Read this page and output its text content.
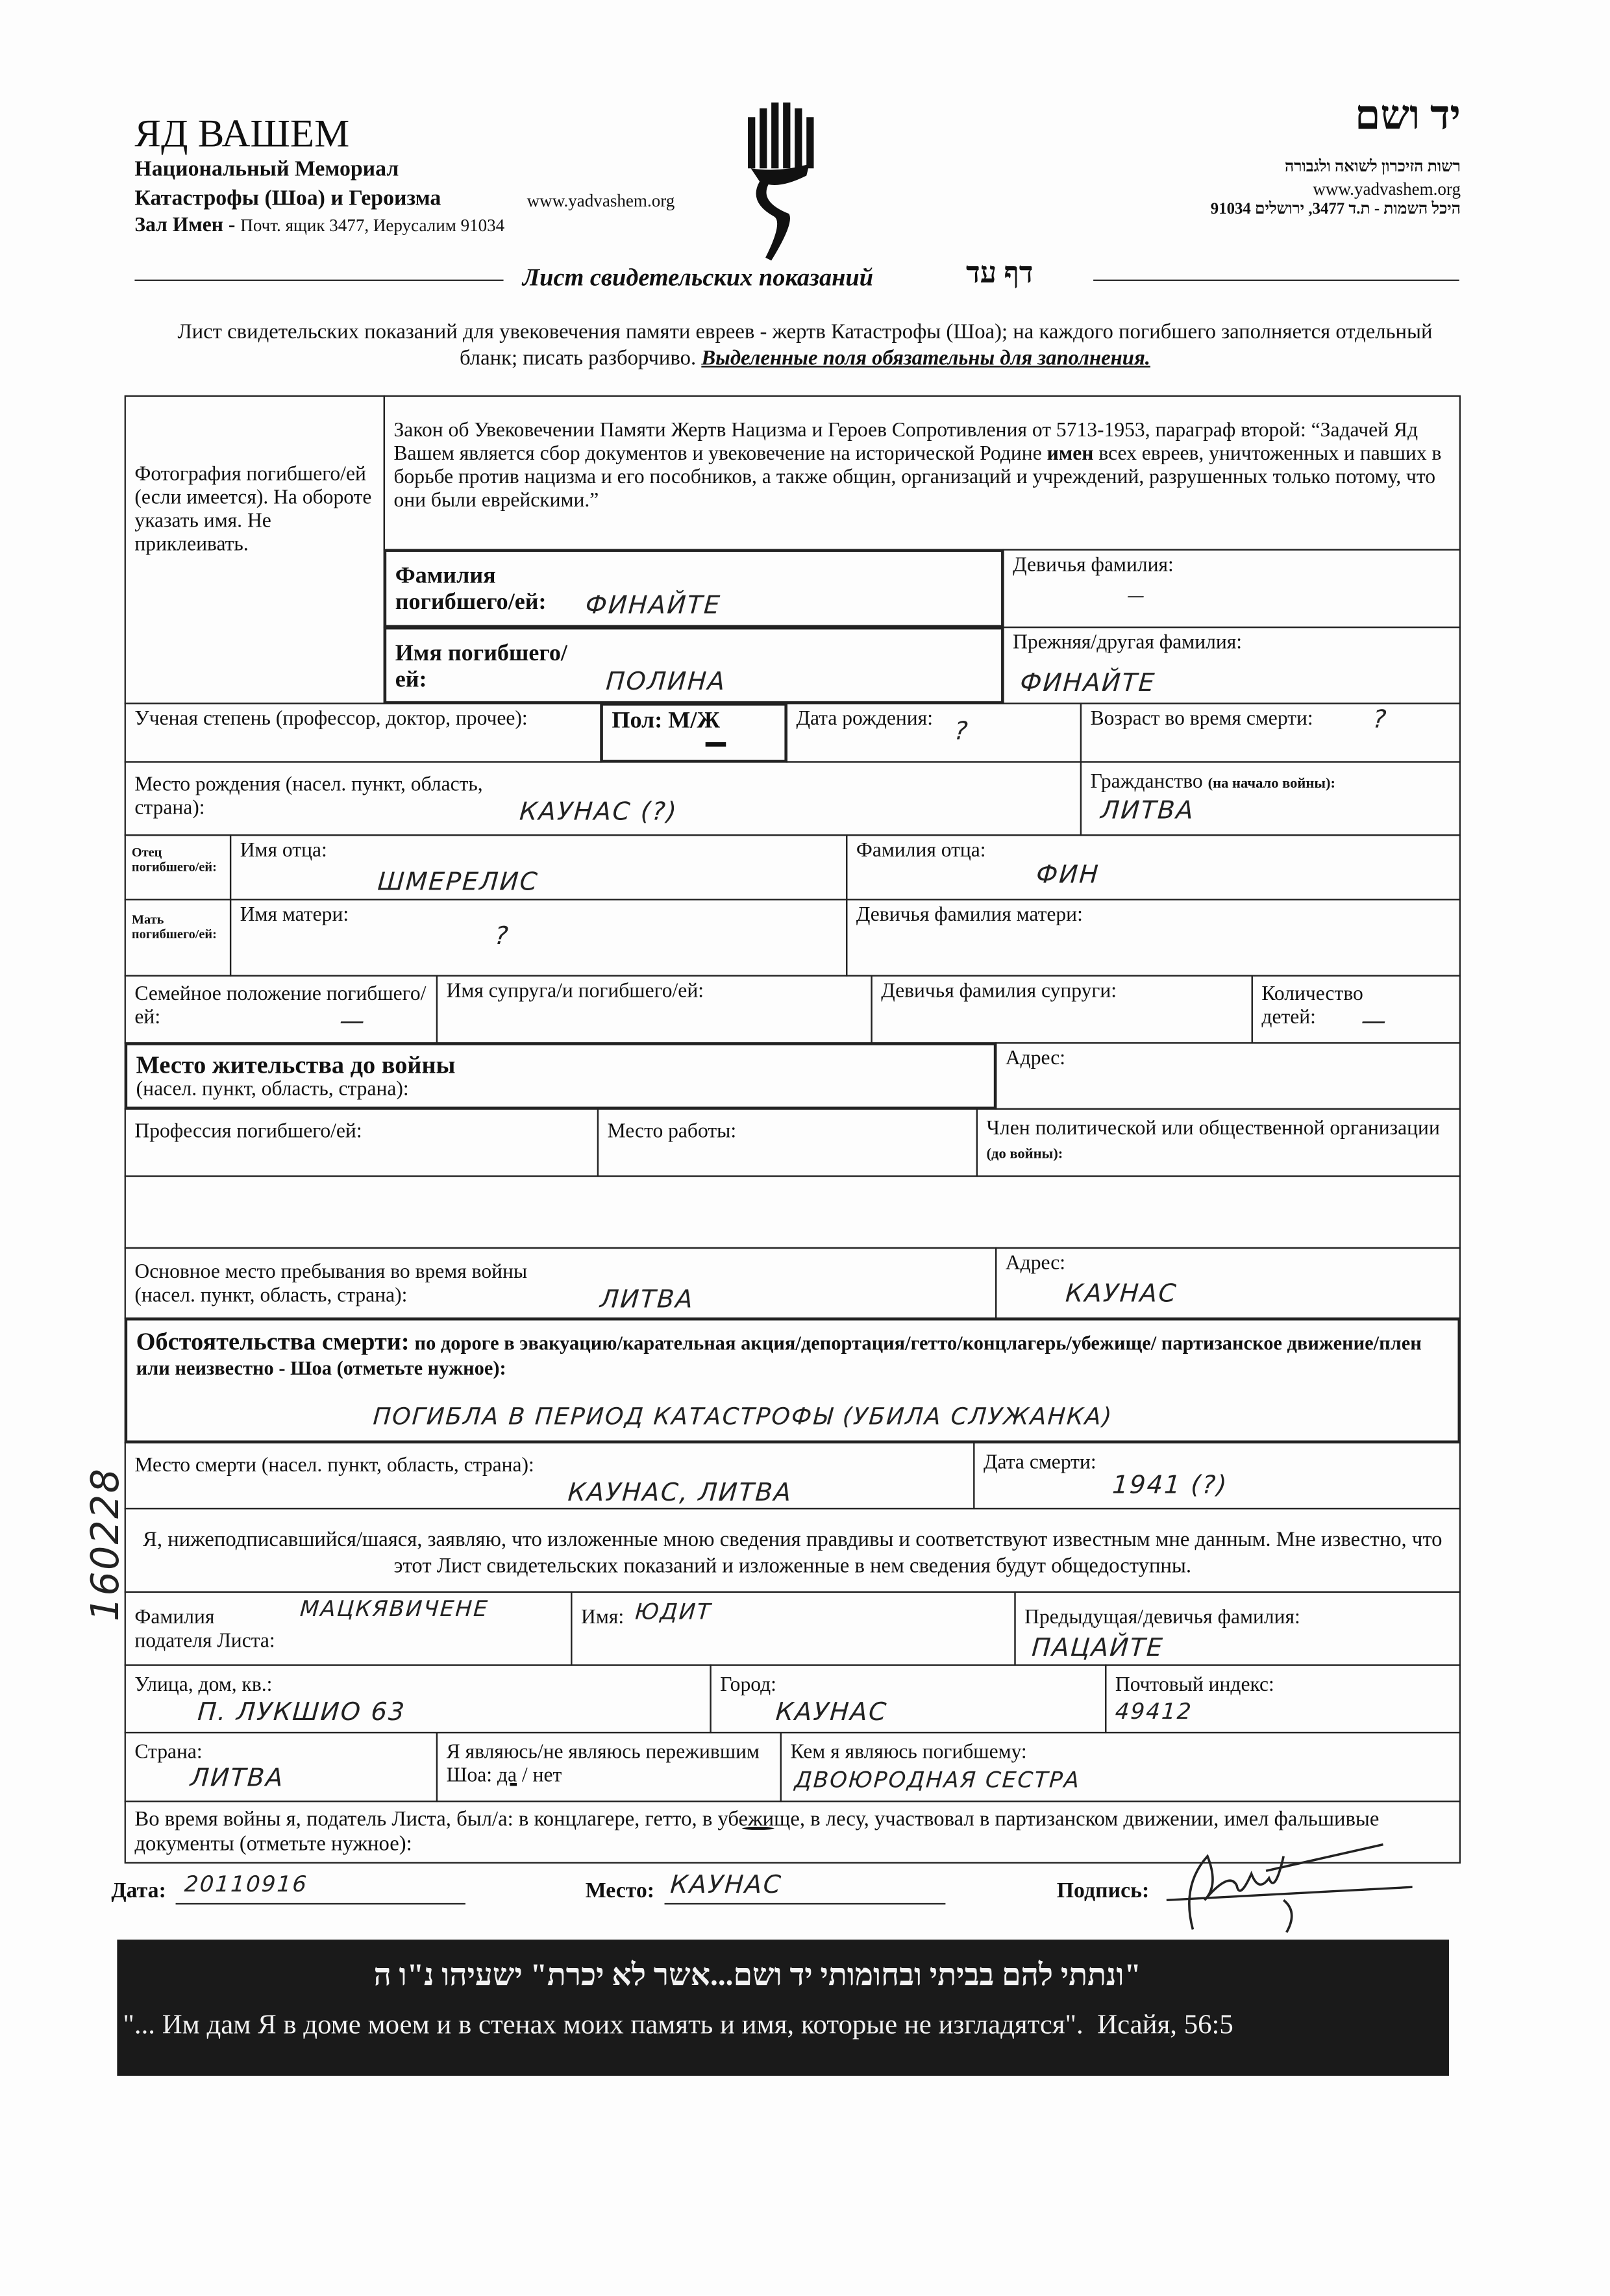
ЯД ВАШЕМ
Национальный Мемориал
Катастрофы (Шоа) и Героизма	www.yadvashem.org
Зал Имен - Почт. ящик 3477, Иерусалим 91034
יד ושם
רשות הזיכרון לשואה ולגבורה
www.yadvashem.org
היכל השמות - ת.ד 3477, ירושלים 91034
Лист свидетельских показаний	דף עד
Лист свидетельских показаний для увековечения памяти евреев - жертв Катастрофы (Шоа); на каждого погибшего заполняется отдельный бланк; писать разборчиво. Выделенные поля обязательны для заполнения.
Фотография погибшего/ей (если имеется). На обороте указать имя. Не приклеивать.
Закон об Увековечении Памяти Жертв Нацизма и Героев Сопротивления от 5713-1953, параграф второй: “Задачей Яд Вашем является сбор документов и увековечение на исторической Родине имен всех евреев, уничтоженных и павших в борьбе против нацизма и его пособников, а также общин, организаций и учреждений, разрушенных только потому, что они были еврейскими.”
Фамилия погибшего/ей:	ФИНАЙТЕ
Девичья фамилия:
—
Имя погибшего/ей:	ПОЛИНА
Прежняя/другая фамилия:
ФИНАЙТЕ
Ученая степень (профессор, доктор, прочее):	Пол: М/Ж	Дата рождения:	?	Возраст во время смерти:	?
Место рождения (насел. пункт, область, страна):	КАУНАС (?)
Гражданство (на начало войны):
ЛИТВА
Отец погибшего/ей:
Имя отца:
ШМЕРЕЛИС
Фамилия отца:
ФИН
Мать погибшего/ей:
Имя матери:
?
Девичья фамилия матери:
Семейное положение погибшего/ей:	—
Имя супруга/и погибшего/ей:	Девичья фамилия супруги:	Количество детей:	—
Место жительства до войны
(насел. пункт, область, страна):
Адрес:
Профессия погибшего/ей:	Место работы:	Член политической или общественной организации (до войны):
Основное место пребывания во время войны (насел. пункт, область, страна):	ЛИТВА
Адрес:
КАУНАС
Обстоятельства смерти: по дороге в эвакуацию/карательная акция/депортация/гетто/концлагерь/убежище/ партизанское движение/плен или неизвестно - Шоа (отметьте нужное):
ПОГИБЛА В ПЕРИОД КАТАСТРОФЫ (УБИЛА СЛУЖАНКА)
Место смерти (насел. пункт, область, страна):
КАУНАС, ЛИТВА
Дата смерти:
1941 (?)
Я, нижеподписавшийся/шаяся, заявляю, что изложенные мною сведения правдивы и соответствуют известным мне данным. Мне известно, что этот Лист свидетельских показаний и изложенные в нем сведения будут общедоступны.
Фамилия подателя Листа:
МАЦКЯВИЧЕНЕ	Имя:	ЮДИТ	Предыдущая/девичья фамилия:
ПАЦАЙТЕ
Улица, дом, кв.:
П. ЛУКШИО 63
Город:
КАУНАС
Почтовый индекс:
49412
Страна:
ЛИТВА
Я являюсь/не являюсь пережившим Шоа: да / нет
Кем я являюсь погибшему:
ДВОЮРОДНАЯ СЕСТРА
Во время войны я, податель Листа, был/а: в концлагере, гетто, в убежище, в лесу, участвовал в партизанском движении, имел фальшивые документы (отметьте нужное):
Дата: 20110916	Место: КАУНАС	Подпись:
"ונתתי להם בביתי ובחומותי יד ושם...אשר לא יכרת" ישעיהו נ"ו ה
"... Им дам Я в доме моем и в стенах моих память и имя, которые не изгладятся". Исайя, 56:5
160228
